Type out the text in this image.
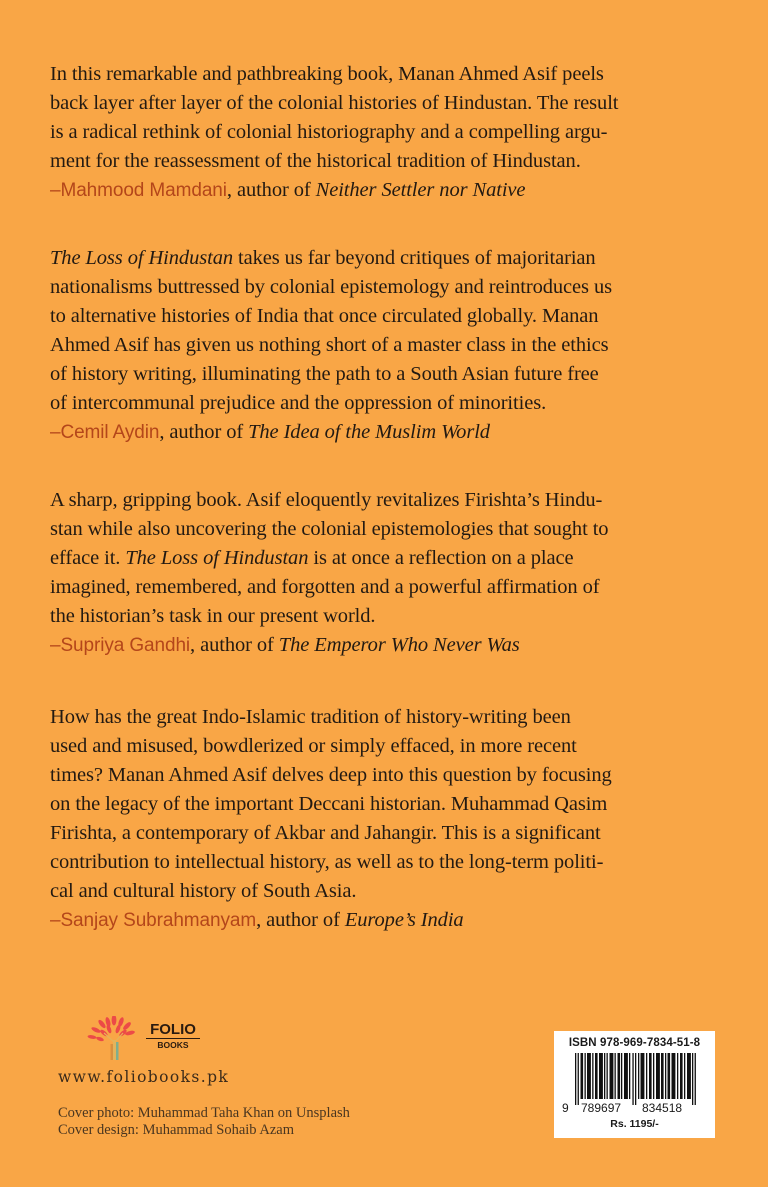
In this remarkable and pathbreaking book, Manan Ahmed Asif peels

back layer after layer of the colonial histories of Hindustan. The result

is a radical rethink of colonial historiography and a compelling argu-

ment for the reassessment of the historical tradition of Hindustan.

–Mahmood Mamdani, author of Neither Settler nor Native

The Loss of Hindustan takes us far beyond critiques of majoritarian

nationalisms buttressed by colonial epistemology and reintroduces us

to alternative histories of India that once circulated globally. Manan

Ahmed Asif has given us nothing short of a master class in the ethics

of history writing, illuminating the path to a South Asian future free

of intercommunal prejudice and the oppression of minorities.

–Cemil Aydin, author of The Idea of the Muslim World

A sharp, gripping book. Asif eloquently revitalizes Firishta’s Hindu-

stan while also uncovering the colonial epistemologies that sought to

efface it. The Loss of Hindustan is at once a reflection on a place

imagined, remembered, and forgotten and a powerful affirmation of

the historian’s task in our present world.

–Supriya Gandhi, author of The Emperor Who Never Was

How has the great Indo-Islamic tradition of history-writing been

used and misused, bowdlerized or simply effaced, in more recent

times? Manan Ahmed Asif delves deep into this question by focusing

on the legacy of the important Deccani historian. Muhammad Qasim

Firishta, a contemporary of Akbar and Jahangir. This is a significant

contribution to intellectual history, as well as to the long-term politi-

cal and cultural history of South Asia.

–Sanjay Subrahmanyam, author of Europe’s India

FOLIO
BOOKS
www.foliobooks.pk
Cover photo: Muhammad Taha Khan on Unsplash
Cover design: Muhammad Sohaib Azam
ISBN 978-969-7834-51-8
9 789697 834518
Rs. 1195/-
